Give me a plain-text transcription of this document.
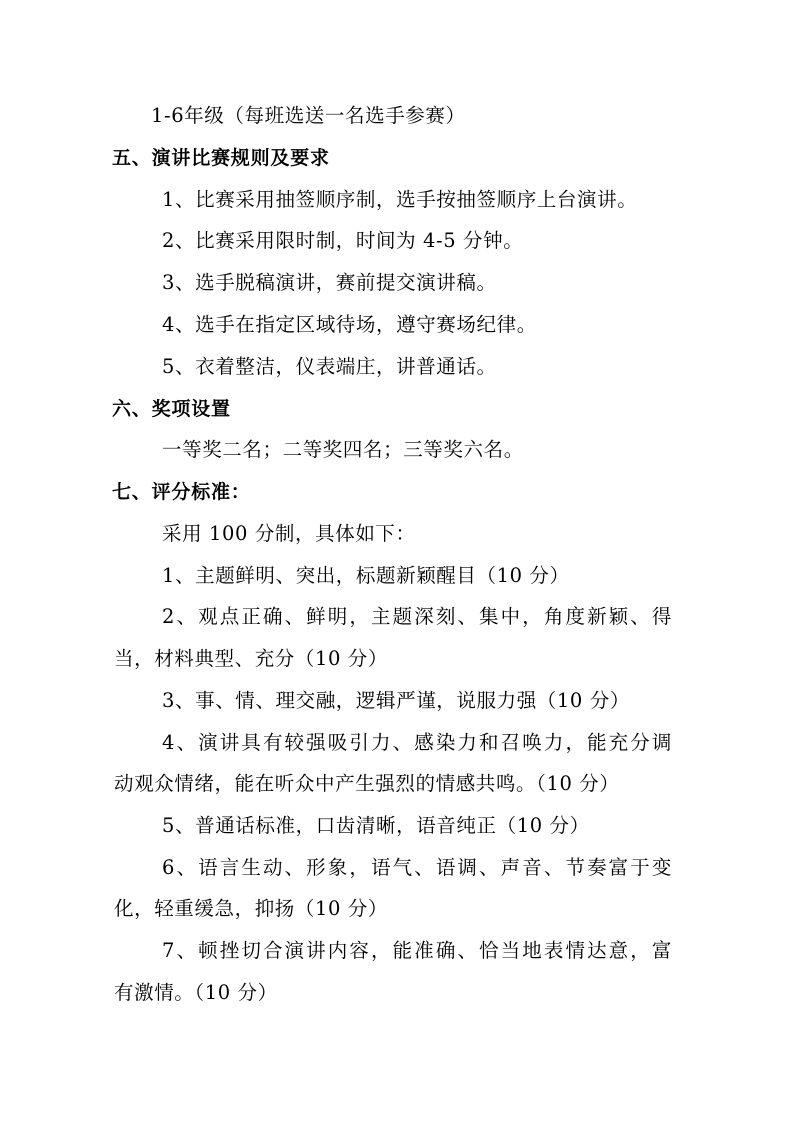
1-6年级（每班选送一名选手参赛）
五、演讲比赛规则及要求
1、比赛采用抽签顺序制，选手按抽签顺序上台演讲。
2、比赛采用限时制，时间为 4-5 分钟。
3、选手脱稿演讲，赛前提交演讲稿。
4、选手在指定区域待场，遵守赛场纪律。
5、衣着整洁，仪表端庄，讲普通话。
六、奖项设置
一等奖二名；二等奖四名；三等奖六名。
七、评分标准：
采用 100 分制，具体如下：
1、主题鲜明、突出，标题新颖醒目（10 分）
2、观点正确、鲜明，主题深刻、集中，角度新颖、得
当，材料典型、充分（10 分）
3、事、情、理交融，逻辑严谨，说服力强（10 分）
4、演讲具有较强吸引力、感染力和召唤力，能充分调
动观众情绪，能在听众中产生强烈的情感共鸣。（10 分）
5、普通话标准，口齿清晰，语音纯正（10 分）
6、语言生动、形象，语气、语调、声音、节奏富于变
化，轻重缓急，抑扬（10 分）
7、顿挫切合演讲内容，能准确、恰当地表情达意，富
有激情。（10 分）
